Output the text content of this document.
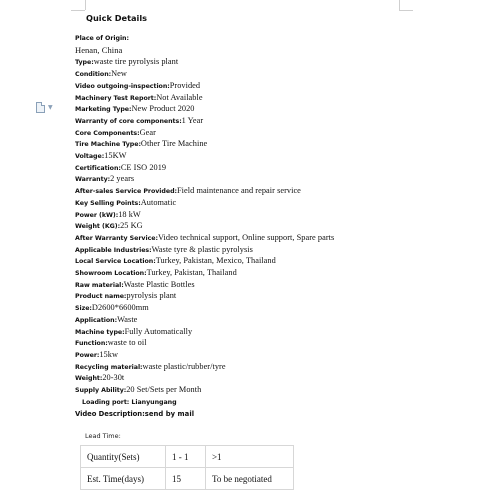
▼
Quick Details

Place of Origin:

Henan, China

Type:waste tire pyrolysis plant

Condition:New

Video outgoing-inspection:Provided

Machinery Test Report:Not Available

Marketing Type:New Product 2020

Warranty of core components:1 Year

Core Components:Gear

Tire Machine Type:Other Tire Machine

Voltage:15KW

Certification:CE ISO 2019

Warranty:2 years

After-sales Service Provided:Field maintenance and repair service

Key Selling Points:Automatic

Power (kW):18 kW

Weight (KG):25 KG

After Warranty Service:Video technical support, Online support, Spare parts

Applicable Industries:Waste tyre & plastic pyrolysis

Local Service Location:Turkey, Pakistan, Mexico, Thailand

Showroom Location:Turkey, Pakistan, Thailand

Raw material:Waste Plastic Bottles

Product name:pyrolysis plant

Size:D2600*6600mm

Application:Waste

Machine type:Fully Automatically

Function:waste to oil

Power:15kw

Recycling material:waste plastic/rubber/tyre

Weight:20-30t

Supply Ability:20 Set/Sets per Month

Loading port: Lianyungang

Video Description:send by mail

Lead Time:
Quantity(Sets)	1 - 1	>1
Est. Time(days)	15	To be negotiated
